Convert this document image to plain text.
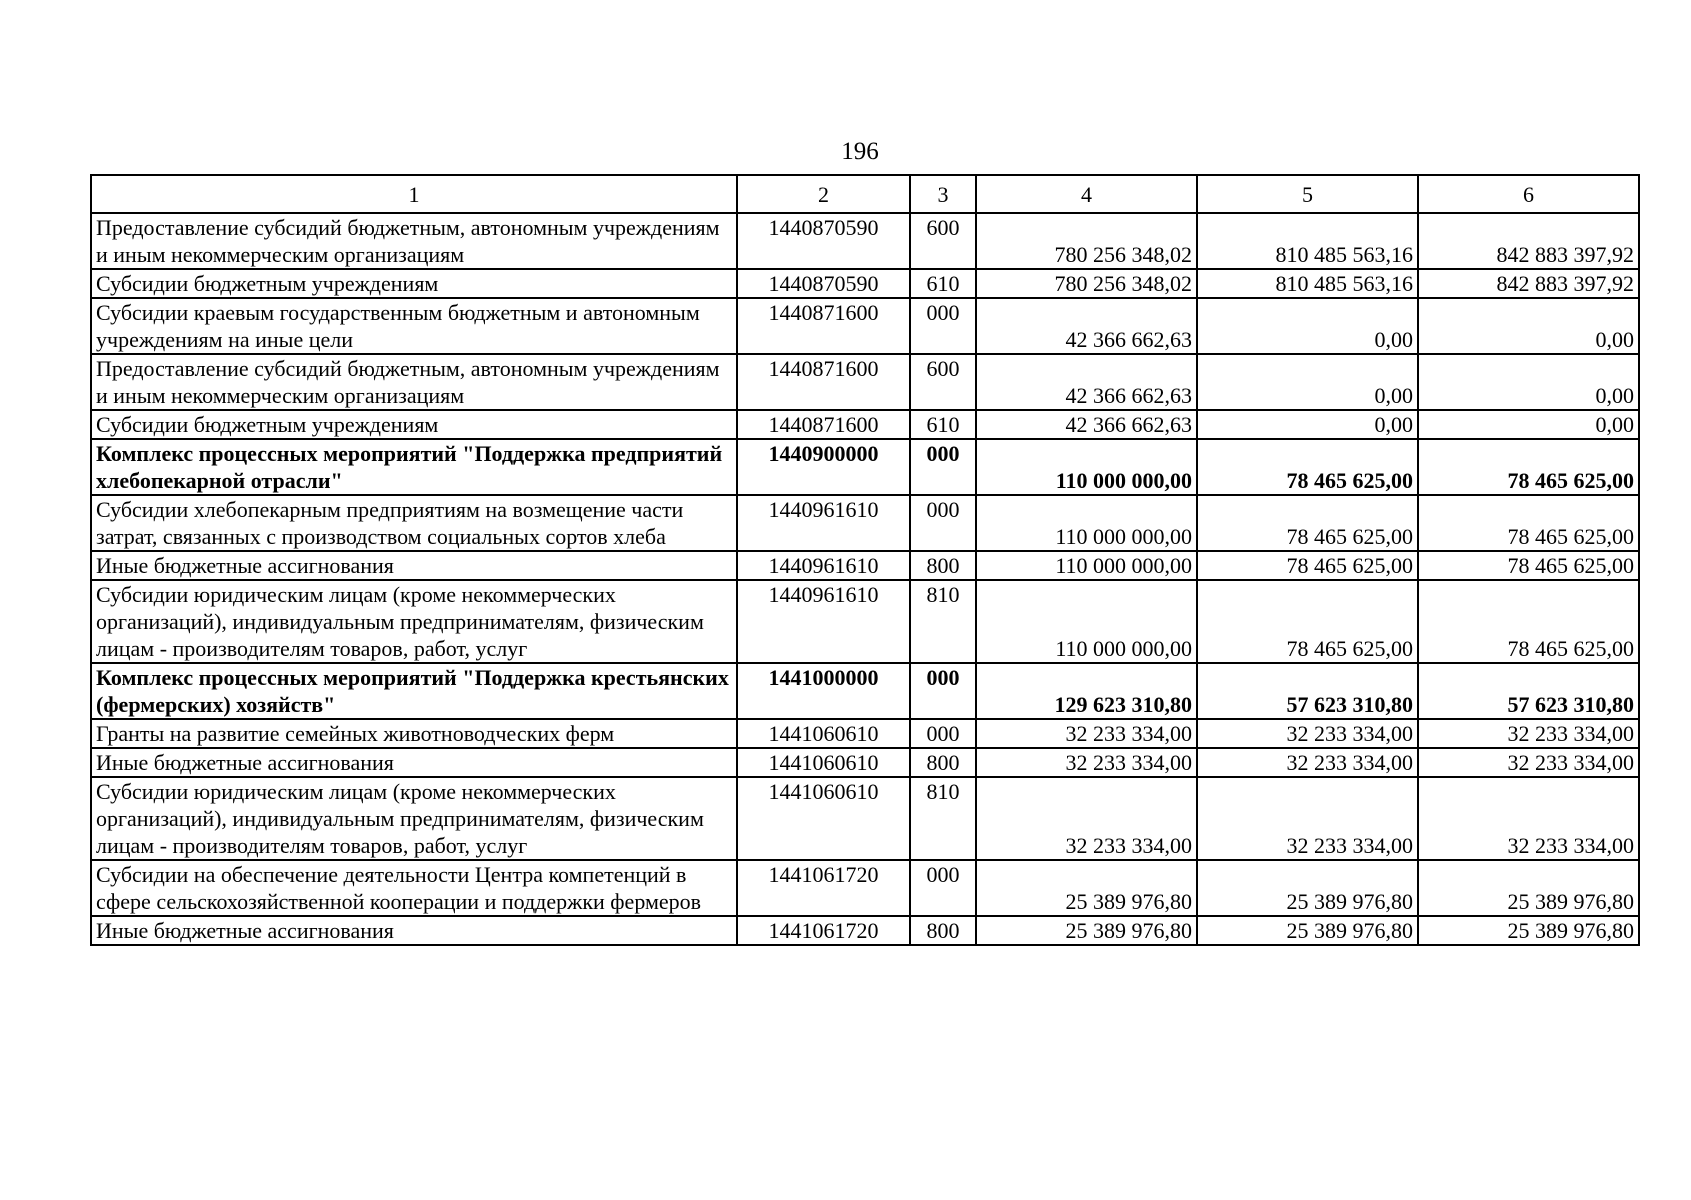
196
1	2	3	4	5	6
Предоставление субсидий бюджетным, автономным учреждениям и иным некоммерческим организациям	1440870590	600	780 256 348,02	810 485 563,16	842 883 397,92
Субсидии бюджетным учреждениям	1440870590	610	780 256 348,02	810 485 563,16	842 883 397,92
Субсидии краевым государственным бюджетным и автономным учреждениям на иные цели	1440871600	000	42 366 662,63	0,00	0,00
Предоставление субсидий бюджетным, автономным учреждениям и иным некоммерческим организациям	1440871600	600	42 366 662,63	0,00	0,00
Субсидии бюджетным учреждениям	1440871600	610	42 366 662,63	0,00	0,00
Комплекс процессных мероприятий "Поддержка предприятий хлебопекарной отрасли"	1440900000	000	110 000 000,00	78 465 625,00	78 465 625,00
Субсидии хлебопекарным предприятиям на возмещение части затрат, связанных с производством социальных сортов хлеба	1440961610	000	110 000 000,00	78 465 625,00	78 465 625,00
Иные бюджетные ассигнования	1440961610	800	110 000 000,00	78 465 625,00	78 465 625,00
Субсидии юридическим лицам (кроме некоммерческих организаций), индивидуальным предпринимателям, физическим лицам - производителям товаров, работ, услуг	1440961610	810	110 000 000,00	78 465 625,00	78 465 625,00
Комплекс процессных мероприятий "Поддержка крестьянских (фермерских) хозяйств"	1441000000	000	129 623 310,80	57 623 310,80	57 623 310,80
Гранты на развитие семейных животноводческих ферм	1441060610	000	32 233 334,00	32 233 334,00	32 233 334,00
Иные бюджетные ассигнования	1441060610	800	32 233 334,00	32 233 334,00	32 233 334,00
Субсидии юридическим лицам (кроме некоммерческих организаций), индивидуальным предпринимателям, физическим лицам - производителям товаров, работ, услуг	1441060610	810	32 233 334,00	32 233 334,00	32 233 334,00
Субсидии на обеспечение деятельности Центра компетенций в сфере сельскохозяйственной кооперации и поддержки фермеров	1441061720	000	25 389 976,80	25 389 976,80	25 389 976,80
Иные бюджетные ассигнования	1441061720	800	25 389 976,80	25 389 976,80	25 389 976,80
